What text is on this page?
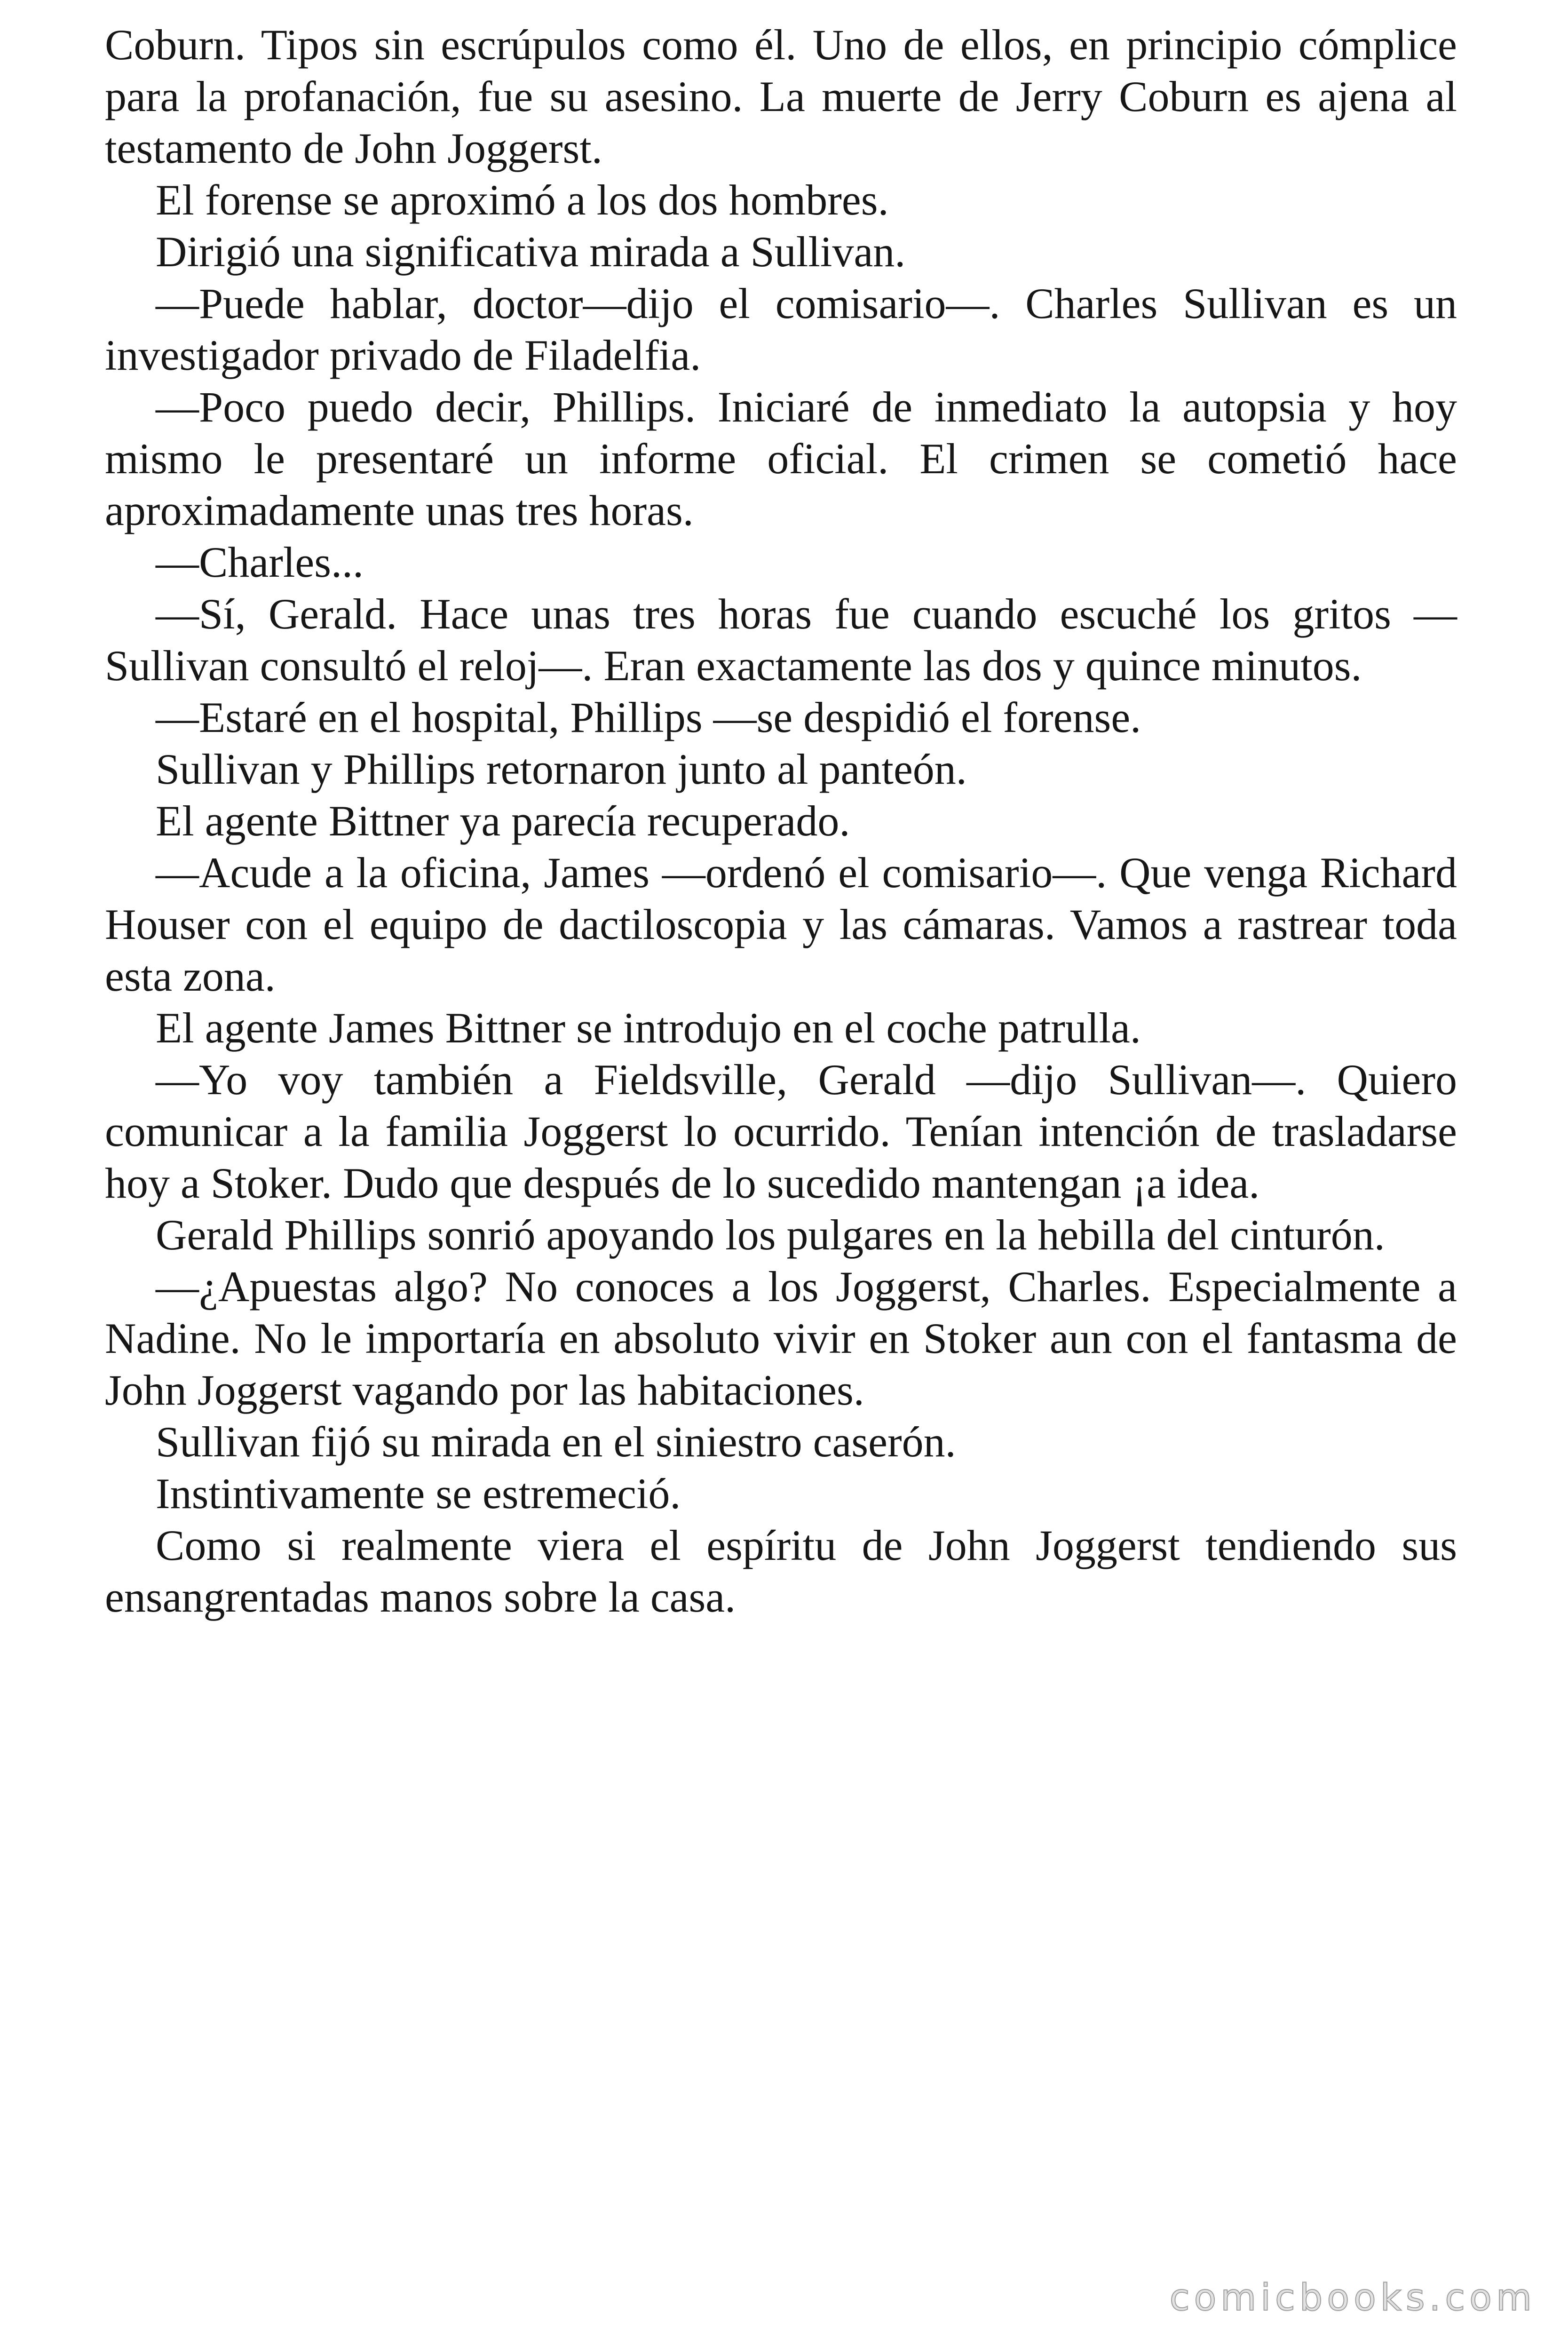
Coburn. Tipos sin escrúpulos como él. Uno de ellos, en principio cómplice
para la profanación, fue su asesino. La muerte de Jerry Coburn es ajena al
testamento de John Joggerst.
El forense se aproximó a los dos hombres.
Dirigió una significativa mirada a Sullivan.
—Puede hablar, doctor—dijo el comisario—. Charles Sullivan es un
investigador privado de Filadelfia.
—Poco puedo decir, Phillips. Iniciaré de inmediato la autopsia y hoy
mismo le presentaré un informe oficial. El crimen se cometió hace
aproximadamente unas tres horas.
—Charles...
—Sí, Gerald. Hace unas tres horas fue cuando escuché los gritos —
Sullivan consultó el reloj—. Eran exactamente las dos y quince minutos.
—Estaré en el hospital, Phillips —se despidió el forense.
Sullivan y Phillips retornaron junto al panteón.
El agente Bittner ya parecía recuperado.
—Acude a la oficina, James —ordenó el comisario—. Que venga Richard
Houser con el equipo de dactiloscopia y las cámaras. Vamos a rastrear toda
esta zona.
El agente James Bittner se introdujo en el coche patrulla.
—Yo voy también a Fieldsville, Gerald —dijo Sullivan—. Quiero
comunicar a la familia Joggerst lo ocurrido. Tenían intención de trasladarse
hoy a Stoker. Dudo que después de lo sucedido mantengan ¡a idea.
Gerald Phillips sonrió apoyando los pulgares en la hebilla del cinturón.
—¿Apuestas algo? No conoces a los Joggerst, Charles. Especialmente a
Nadine. No le importaría en absoluto vivir en Stoker aun con el fantasma de
John Joggerst vagando por las habitaciones.
Sullivan fijó su mirada en el siniestro caserón.
Instintivamente se estremeció.
Como si realmente viera el espíritu de John Joggerst tendiendo sus
ensangrentadas manos sobre la casa.
comicbooks.com
